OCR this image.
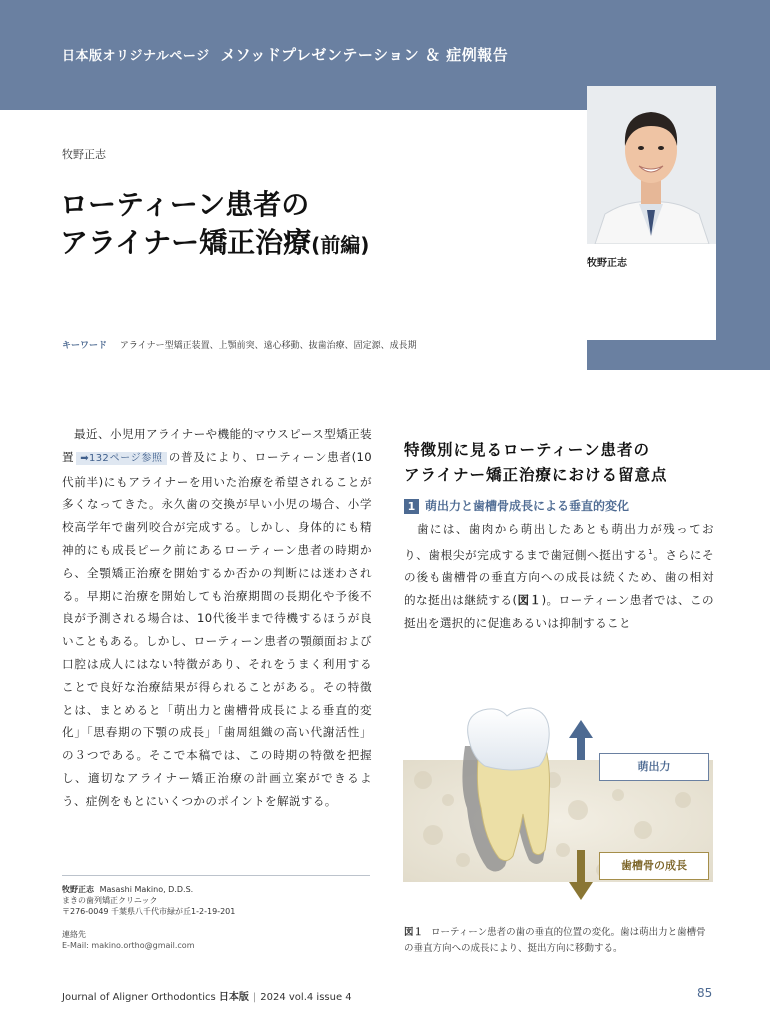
日本版オリジナルページ メソッドプレゼンテーション ＆ 症例報告
牧野正志
牧野正志
ローティーン患者の
アライナー矯正治療(前編)
キーワード アライナー型矯正装置、上顎前突、遠心移動、抜歯治療、固定源、成長期
 最近、小児用アライナーや機能的マウスピース型矯正装置 ➡132ページ参照 の普及により、ローティーン患者(10代前半)にもアライナーを用いた治療を希望されることが多くなってきた。永久歯の交換が早い小児の場合、小学校高学年で歯列咬合が完成する。しかし、身体的にも精神的にも成長ピーク前にあるローティーン患者の時期から、全顎矯正治療を開始するか否かの判断には迷わされる。早期に治療を開始しても治療期間の長期化や予後不良が予測される場合は、10代後半まで待機するほうが良いこともある。しかし、ローティーン患者の顎顔面および口腔は成人にはない特徴があり、それをうまく利用することで良好な治療結果が得られることがある。その特徴とは、まとめると「萌出力と歯槽骨成長による垂直的変化」「思春期の下顎の成長」「歯周組織の高い代謝活性」の３つである。そこで本稿では、この時期の特徴を把握し、適切なアライナー矯正治療の計画立案ができるよう、症例をもとにいくつかのポイントを解説する。
牧野正志 Masashi Makino, D.D.S.
まきの歯列矯正クリニック
〒276-0049 千葉県八千代市緑が丘1-2-19-201
連絡先
E-Mail: makino.ortho@gmail.com
特徴別に見るローティーン患者の
アライナー矯正治療における留意点
1 萌出力と歯槽骨成長による垂直的変化
 歯には、歯肉から萌出したあとも萌出力が残っており、歯根尖が完成するまで歯冠側へ挺出する$^1$。さらにその後も歯槽骨の垂直方向への成長は続くため、歯の相対的な挺出は継続する(図１)。ローティーン患者では、この挺出を選択的に促進あるいは抑制すること
萌出力
歯槽骨の成長
図１ ローティーン患者の歯の垂直的位置の変化。歯は萌出力と歯槽骨の垂直方向への成長により、挺出方向に移動する。
Journal of Aligner Orthodontics 日本版 | 2024 vol.4 issue 4	85
